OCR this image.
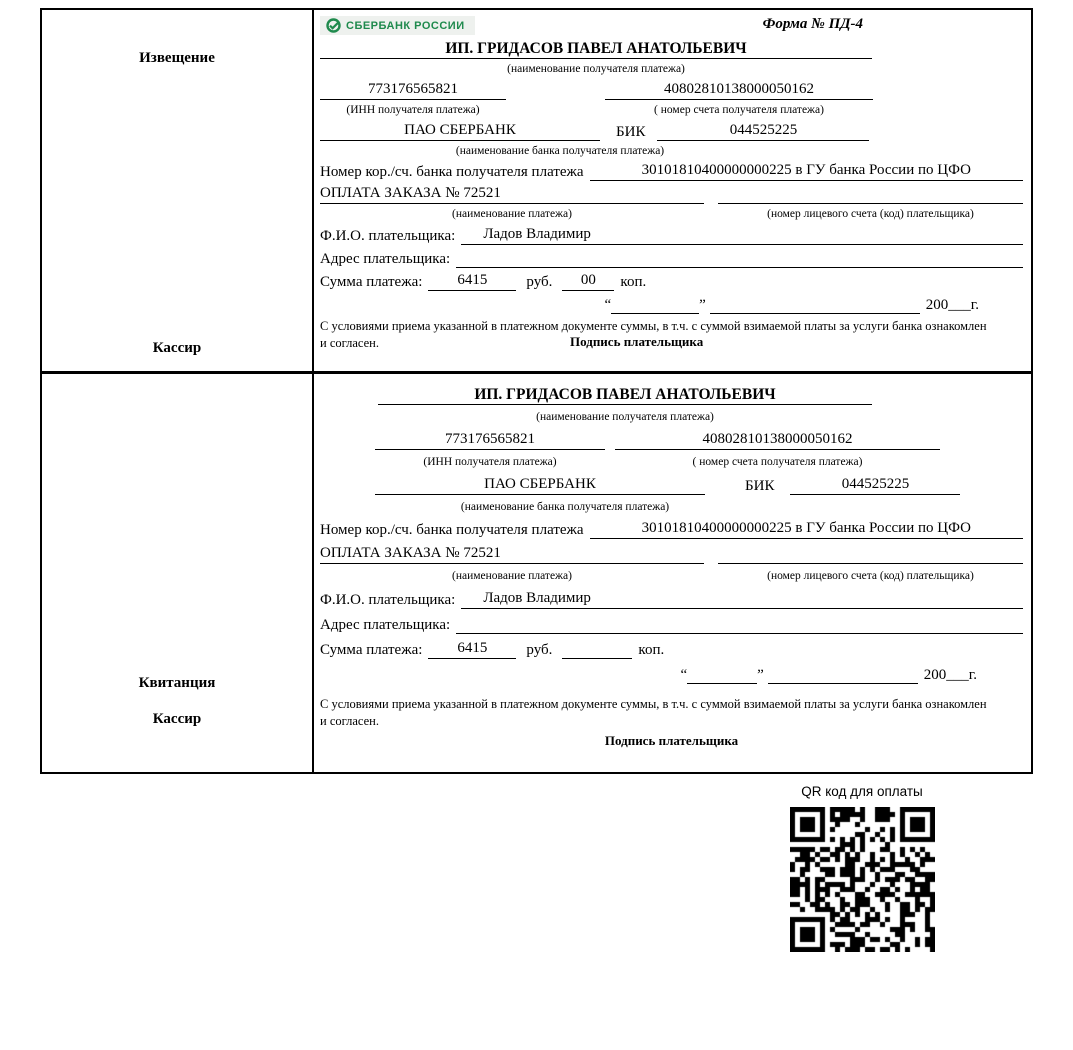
Извещение
Кассир
СБЕРБАНК РОССИИ	Форма № ПД-4
ИП. ГРИДАСОВ ПАВЕЛ АНАТОЛЬЕВИЧ
(наименование получателя платежа)
773176565821	40802810138000050162
(ИНН получателя платежа)	( номер счета получателя платежа)
ПАО СБЕРБАНК	БИК	044525225
(наименование банка получателя платежа)
Номер кор./сч. банка получателя платежа	30101810400000000225 в ГУ банка России по ЦФО
ОПЛАТА ЗАКАЗА № 72521
(наименование платежа)	(номер лицевого счета (код) плательщика)
Ф.И.О. плательщика:	Ладов Владимир
Адрес плательщика:
Сумма платежа:	6415	руб.	00	коп.
“	”	200___г.
С условиями приема указанной в платежном документе суммы, в т.ч. с суммой взимаемой платы за услуги банка ознакомлен и согласен.	Подпись плательщика
Квитанция
Кассир
ИП. ГРИДАСОВ ПАВЕЛ АНАТОЛЬЕВИЧ
(наименование получателя платежа)
773176565821	40802810138000050162
(ИНН получателя платежа)	( номер счета получателя платежа)
ПАО СБЕРБАНК	БИК	044525225
(наименование банка получателя платежа)
Номер кор./сч. банка получателя платежа	30101810400000000225 в ГУ банка России по ЦФО
ОПЛАТА ЗАКАЗА № 72521
(наименование платежа)	(номер лицевого счета (код) плательщика)
Ф.И.О. плательщика:	Ладов Владимир
Адрес плательщика:
Сумма платежа:	6415	руб.	коп.
“	”	200___г.
С условиями приема указанной в платежном документе суммы, в т.ч. с суммой взимаемой платы за услуги банка ознакомлен и согласен.
Подпись плательщика
QR код для оплаты
